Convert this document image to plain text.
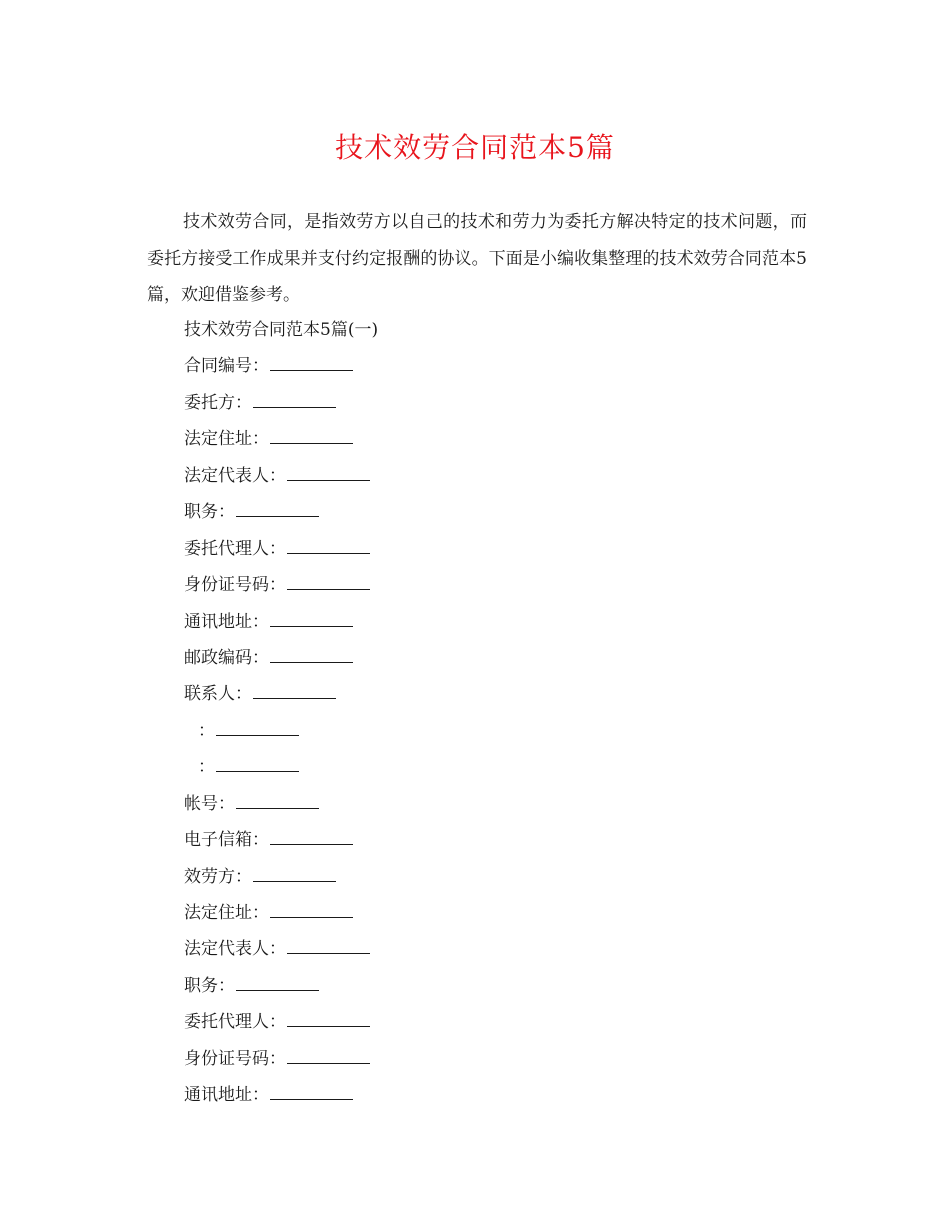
技术效劳合同范本5篇

技术效劳合同，是指效劳方以自己的技术和劳力为委托方解决特定的技术问题，而委托方接受工作成果并支付约定报酬的协议。下面是小编收集整理的技术效劳合同范本5篇，欢迎借鉴参考。

技术效劳合同范本5篇(一)
合同编号：
委托方：
法定住址：
法定代表人：
职务：
委托代理人：
身份证号码：
通讯地址：
邮政编码：
联系人：
：
：
帐号：
电子信箱：
效劳方：
法定住址：
法定代表人：
职务：
委托代理人：
身份证号码：
通讯地址：
